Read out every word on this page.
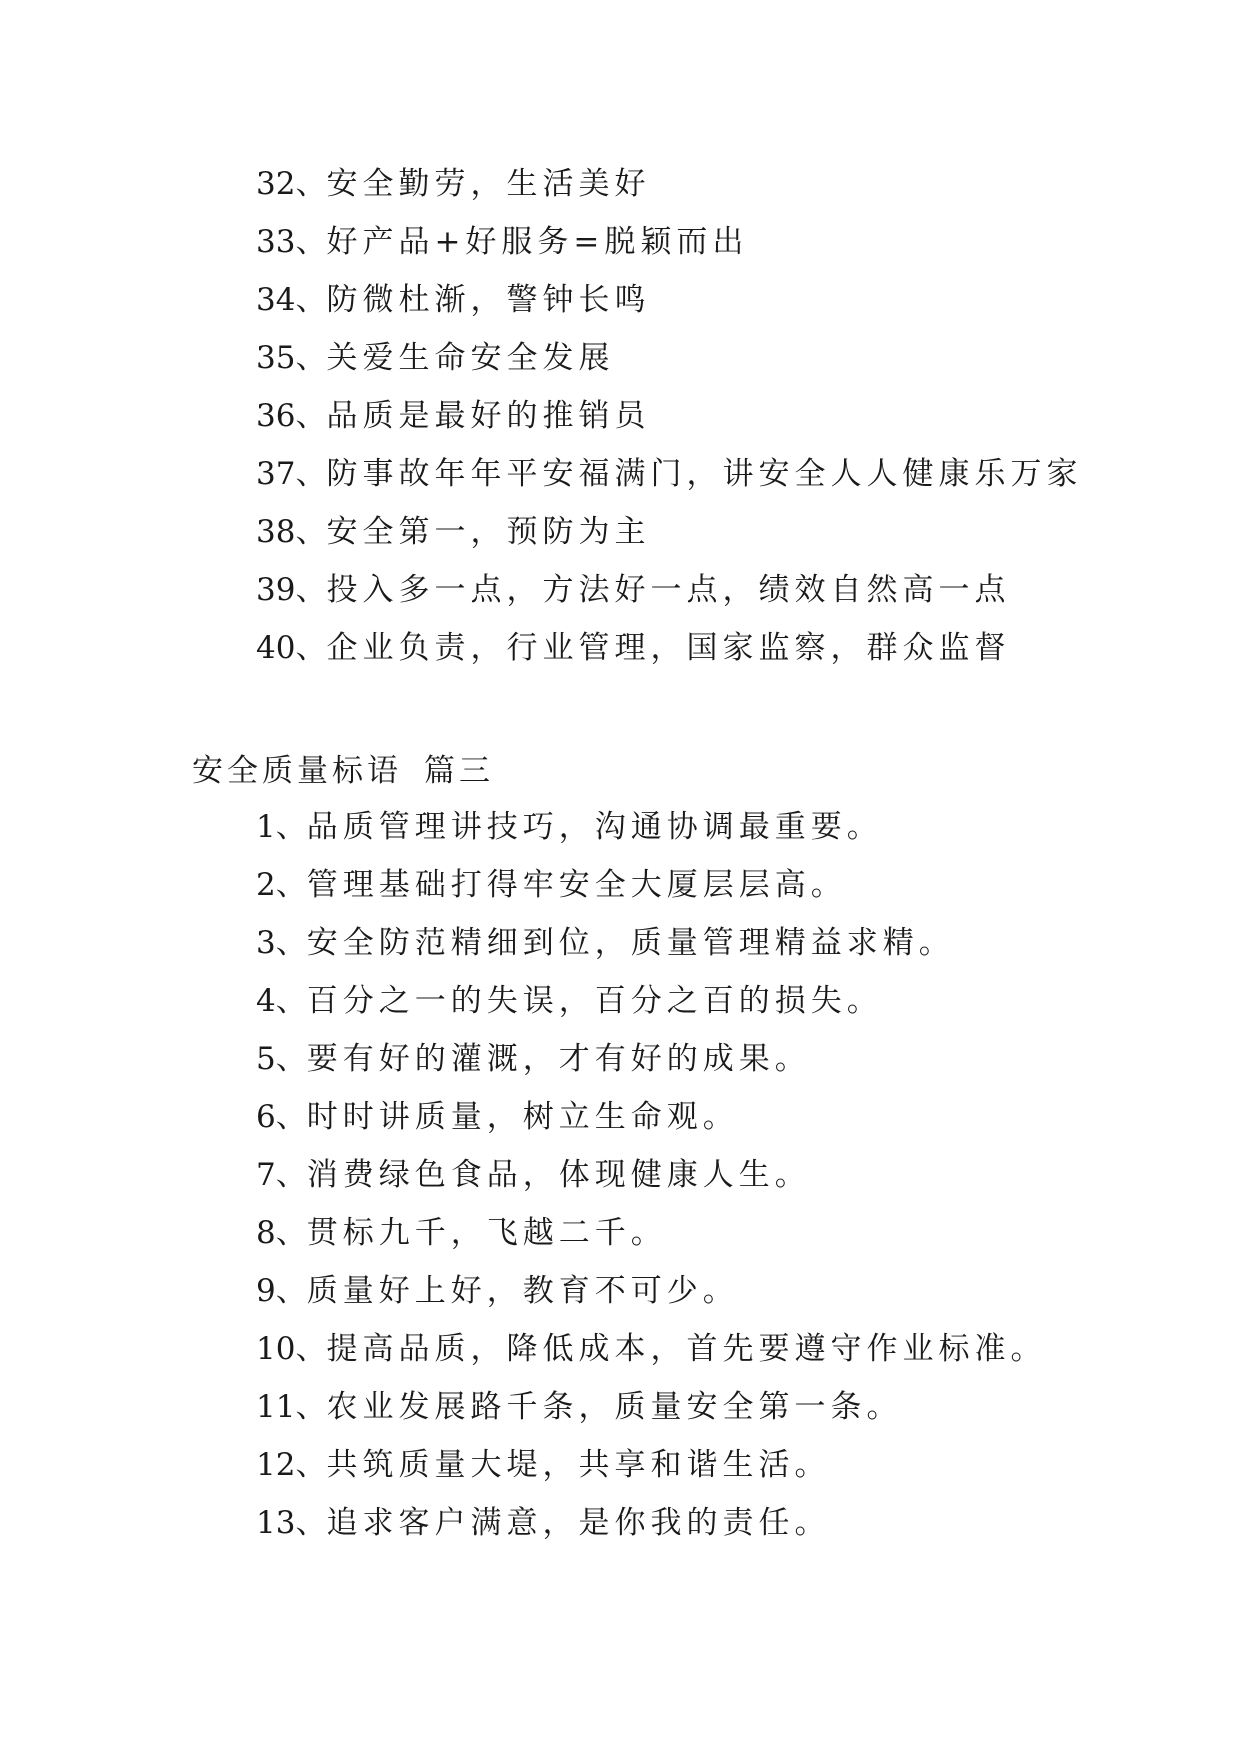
32、安全勤劳，生活美好
33、好产品+好服务=脱颖而出
34、防微杜渐，警钟长鸣
35、关爱生命安全发展
36、品质是最好的推销员
37、防事故年年平安福满门，讲安全人人健康乐万家
38、安全第一，预防为主
39、投入多一点，方法好一点，绩效自然高一点
40、企业负责，行业管理，国家监察，群众监督
安全质量标语 篇三
1、品质管理讲技巧，沟通协调最重要。
2、管理基础打得牢安全大厦层层高。
3、安全防范精细到位，质量管理精益求精。
4、百分之一的失误，百分之百的损失。
5、要有好的灌溉，才有好的成果。
6、时时讲质量，树立生命观。
7、消费绿色食品，体现健康人生。
8、贯标九千，飞越二千。
9、质量好上好，教育不可少。
10、提高品质，降低成本，首先要遵守作业标准。
11、农业发展路千条，质量安全第一条。
12、共筑质量大堤，共享和谐生活。
13、追求客户满意，是你我的责任。
